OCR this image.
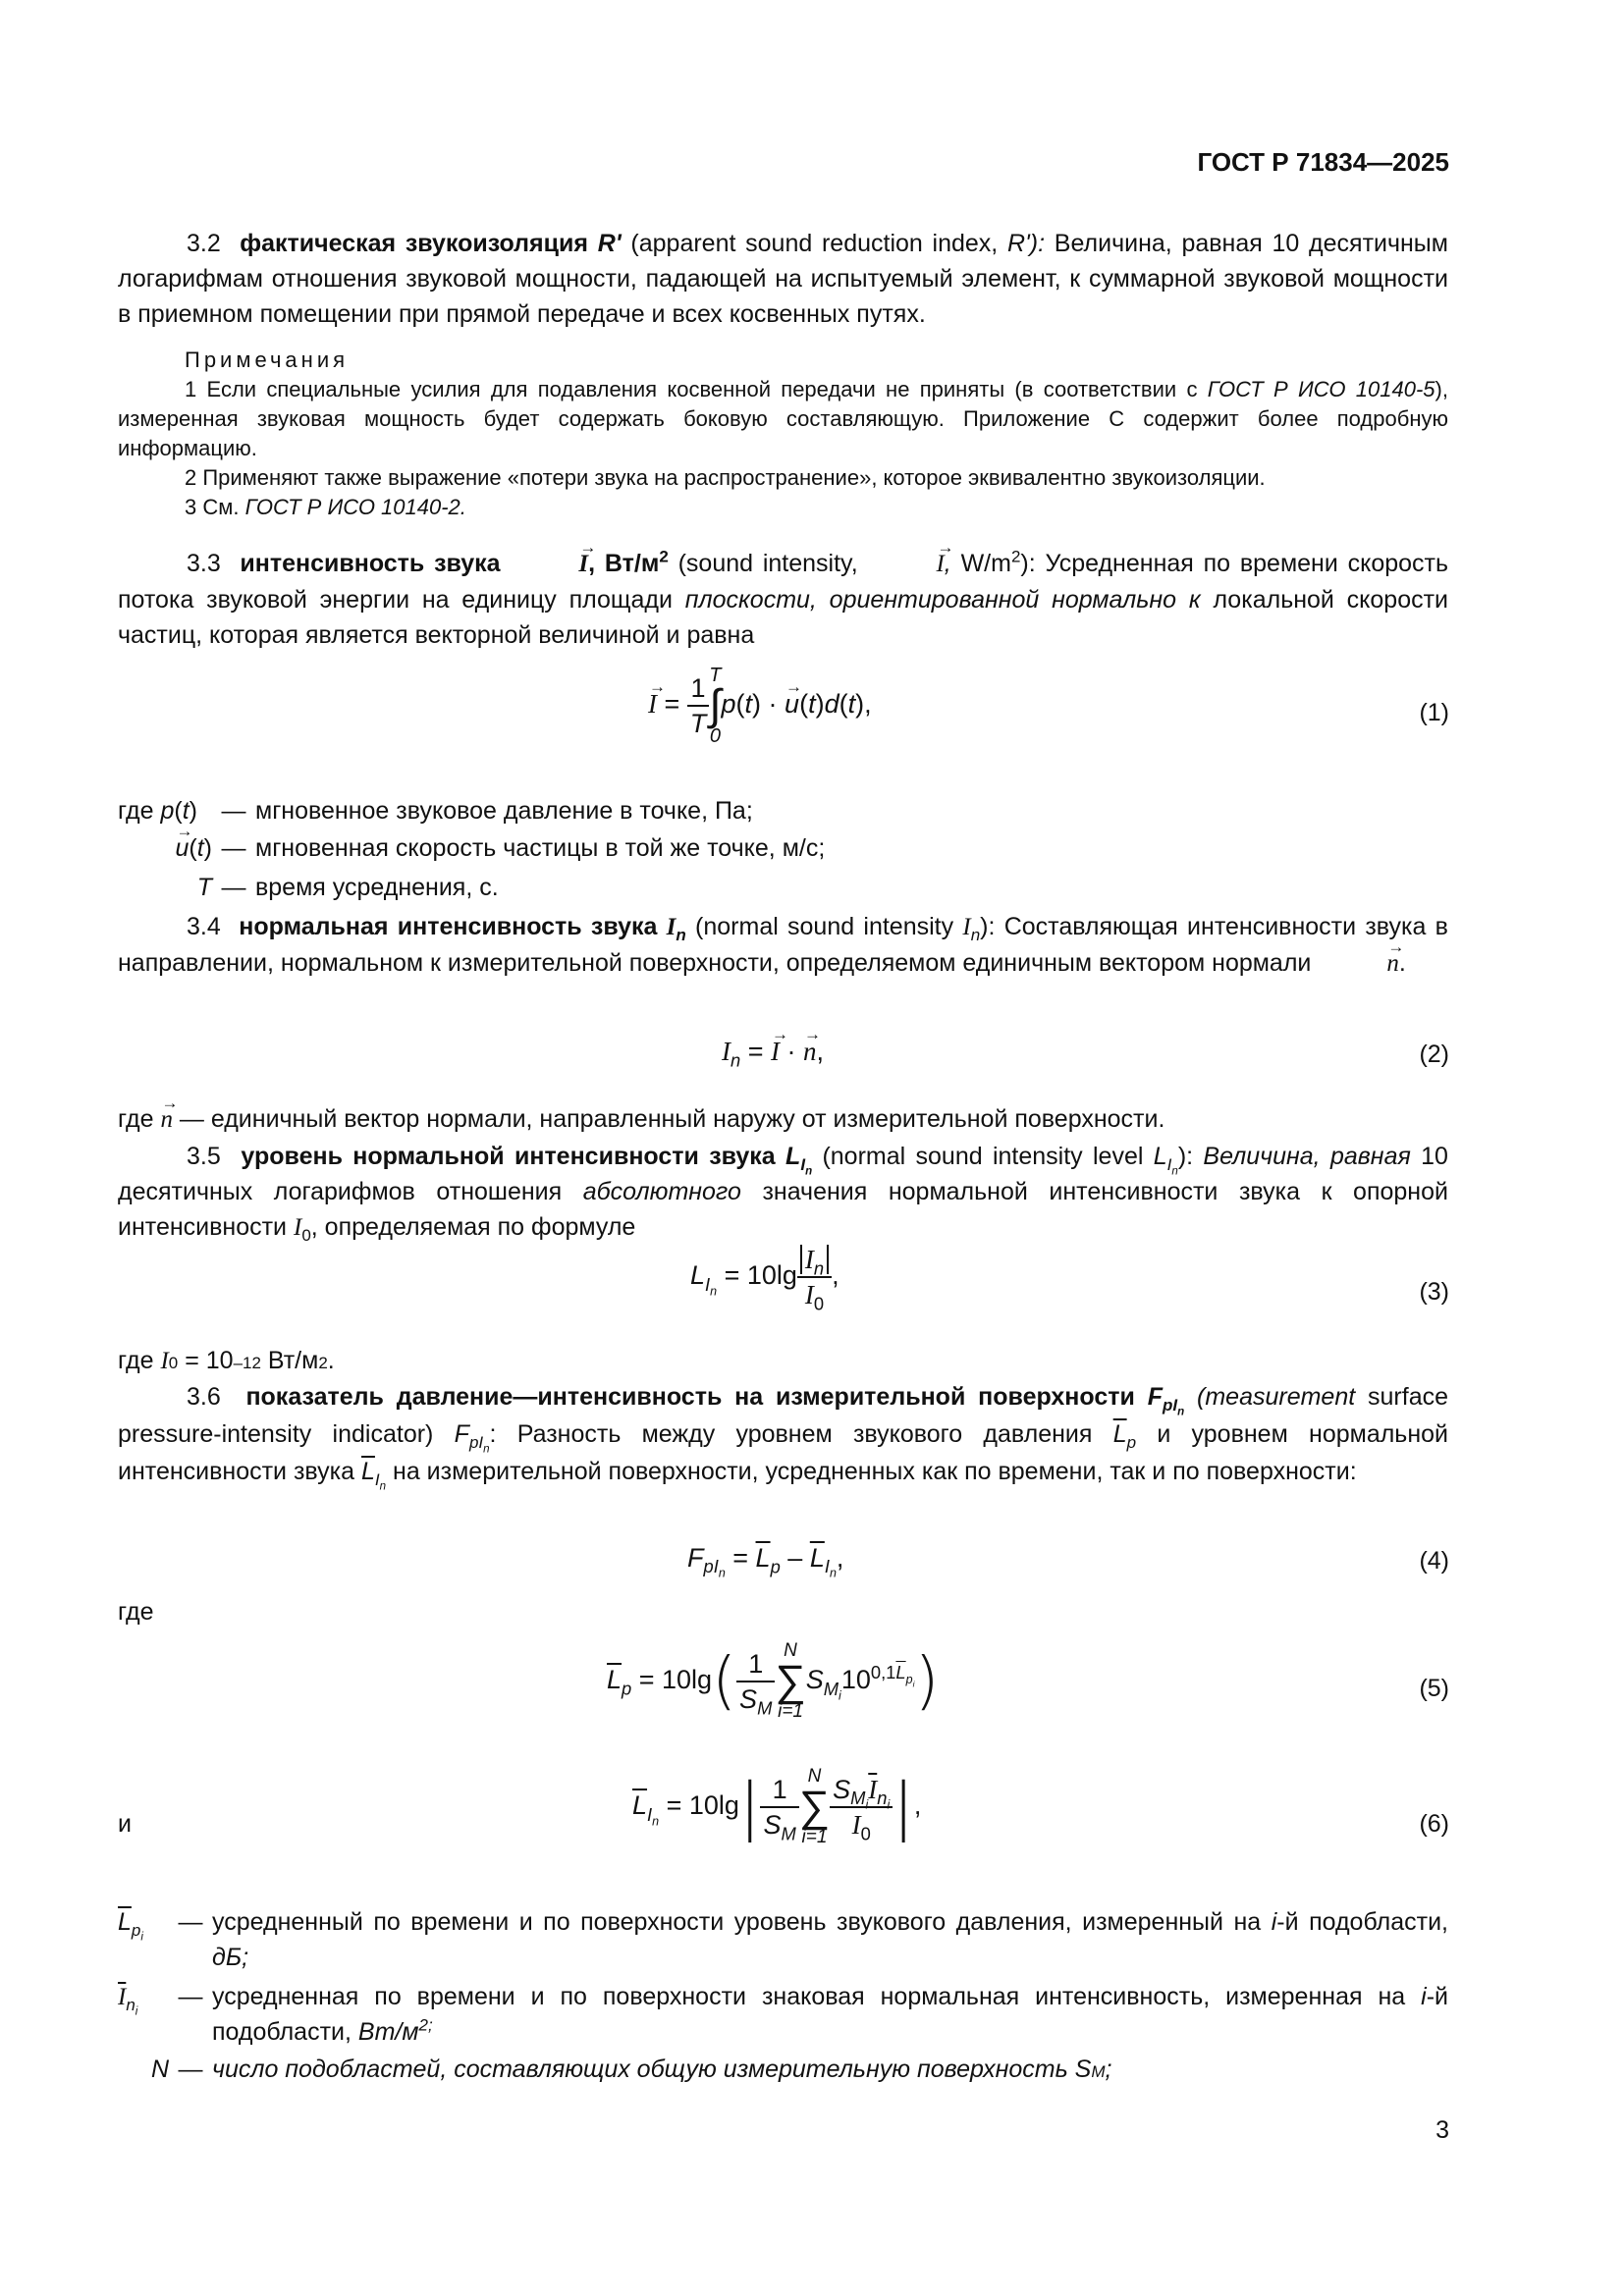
ГОСТ Р 71834—2025
3.2 фактическая звукоизоляция R' (apparent sound reduction index, R'): Величина, равная 10 десятичным логарифмам отношения звуковой мощности, падающей на испытуемый элемент, к суммарной звуковой мощности в приемном помещении при прямой передаче и всех косвенных путях.
Примечания
1 Если специальные усилия для подавления косвенной передачи не приняты (в соответствии с ГОСТ Р ИСО 10140-5), измеренная звуковая мощность будет содержать боковую составляющую. Приложение С содержит более подробную информацию.
2 Применяют также выражение «потери звука на распространение», которое эквивалентно звукоизоляции.
3 См. ГОСТ Р ИСО 10140-2.
3.3 интенсивность звука	→ I, $Вт/м^2$ (sound intensity,	→ I, $W/m^2$): Усредненная по времени скорость потока звуковой энергии на единицу площади плоскости, ориентированной нормально к локальной скорости частиц, которая является векторной величиной и равна
→ $I = \frac{1}{T}$ T
∫
0
p(t) · → u(t)d(t),	(1)
где p(t) — мгновенное звуковое давление в точке, Па;
→ u(t) — мгновенная скорость частицы в той же точке, м/с;
T — время усреднения, с.
3.4 нормальная интенсивность звука $I_n$ (normal sound intensity $I_n$): Составляющая интенсивности звука в направлении, нормальном к измерительной поверхности, определяемом единичным вектором нормали	→ n.
$I_n$ = → I · → n,	(2)
где
→ n
— единичный вектор нормали, направленный наружу от измерительной поверхности.
3.5 уровень нормальной интенсивности звука $L_{I_n}$ (normal sound intensity level $L_{I_n}$): Величина, равная 10 десятичных логарифмов отношения абсолютного значения нормальной интенсивности звука к опорной интенсивности $I_0$, определяемая по формуле
$L_{I_n} = 10\lg \frac{I_n}{I_0}$ ,
(3)
где
I 0
= 10 –12
Вт/м 2 .
3.6 показатель давление—интенсивность на измерительной поверхности $F_{pI_n}$ (measurement surface pressure-intensity indicator) $F_{pI_n}$: Разность между уровнем звукового давления $\overline{L}_p$ и уровнем нормальной интенсивности звука $\overline{L}_{I_n}$ на измерительной поверхности, усредненных как по времени, так и по поверхности:
$F_{pI_n} = \overline{L}_p - \overline{L}_{I_n}$,	(4)
где
$\overline{L}_p = 10\lg( \frac{1}{S_M}$ N
∑
i=1
$S_{M_i}10^{0,1\overline{L}_{p_i}}$)	(5)
и
$\overline{L}_{I_n} = 10\lg| \frac{1}{S_M}$ N
∑
$i=1 \frac{S_{M_i}\overline{I}_{n_i}}{I_0}$ |,
(6)
$\overline{L}_{p_i}$
— усредненный по времени и по поверхности уровень звукового давления, измеренный на i-й подобласти, дБ;
$\overline{I}_{n_i}$
— усредненная по времени и по поверхности знаковая нормальная интенсивность, измеренная на i-й подобласти, $Вт/м^{2;}$
N — число подобластей, составляющих общую измерительную поверхность
S M ;
3
